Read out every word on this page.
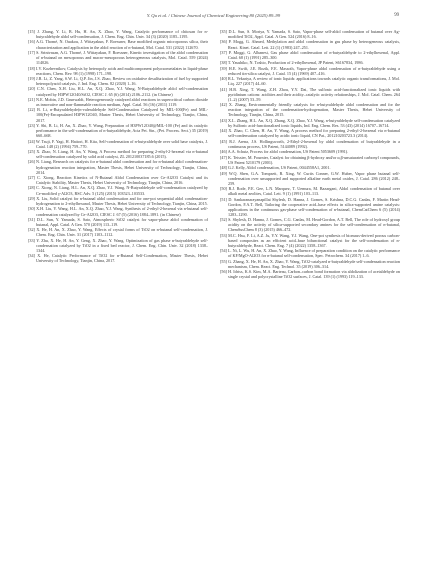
Y. Qu et al. / Chinese Journal of Chemical Engineering 80 (2025) 89–99	99

[15] J. Zhang, Y. Li, B. Hu, H. An, X. Zhao, Y. Wang, Catalytic performance of chitosan for n-butyraldehyde aldol self-condensation, J. Chem. Eng. Chin. Univ. 34 (3) (2020) 1185–1195.

[16] A.G. Thomé, N. Ouakou, J. Wittayakun, F. Roessner, Base modified organic microporous silica, their characterization and application in the aldol reaction of n-butanal, Mol. Catal. 531 (2022) 112670.

[17] S. Srinivasan, A.G. Thomé, J. Wittayakun, F. Roessner, Kinetic investigation of the aldol condensation of n-butanal on mesoporous and macro-mesoporous heterogeneous catalysts, Mol. Catal. 559 (2024) 114026.

[18] I.V. Kozhevnikov, Catalysis by heteropoly acids and multicomponent polyoxometalates in liquid-phase reactions, Chem. Rev. 98 (1) (1998) 171–198.

[19] J.R. Li, Z. Yang, S.W. Li, Q.P. Jin, J.S. Zhao, Review on oxidative desulfurization of fuel by supported heteropolyacid catalysts, J. Ind. Eng. Chem. 82 (2020) 1–16.

[20] C.N. Chen, X.H. Liu, H.L. An, X.Q. Zhao, Y.J. Wang, N-Butyraldehyde aldol self-condensation catalyzed by H3PW12O40/SiO2, CIESC J. 65 (6) (2014) 2106–2112. (in Chinese)

[21] N.E. Mobin, J.D. Grunwaldt, Heterogeneously catalyzed aldol reactions in supercritical carbon dioxide as innovative and non-flammable reaction medium, Appl. Catal. 56 (16) (2011) 1119.

[22] B. Li, n-Butyraldehyde(n-valeraldehyde Self-Condensation Catalyzed by MIL-100(Fe) and MIL-100(Fe)-Encapsulated H3PW12O40, Master Thesis, Hebei University of Technology, Tianjin, China, 2017.

[23] Y. Shi, B. Li, H. An, X. Zhao, Y. Wang, Preparation of H3PW12O40@MIL-100 (Fe) and its catalytic performance in the self-condensation of n-butyraldehyde, Acta Pet. Sin., (Pet. Process. Sect.) 35 (2019) 660–668.

[24] W. Tsuji, F. Yagi, H. Hattori, H. Kita, Self-condensation of n-butyraldehyde over solid base catalysts, J. Catal. 148 (2) (1994) 759–770.

[25] X. Zhao, N. Liang, H. An, Y. Wang, A Process method for preparing 2-ethyl-2-hexenal via n-butanal self-condensation catalyzed by solid acid catalyst, ZL 201210037185.6 (2015).

[26] N. Liang, Research on catalysts for n-butanal aldol condensation and for n-butanal aldol condensation-hydrogenation reaction integration, Master Thesis, Hebei University of Technology, Tianjin, China, 2014.

[27] C. Xiong, Reaction Kinetics of N-Butanal Aldol Condensation over Ce-Al2O3 Catalyst and its Catalytic Stability, Master Thesis, Hebei University of Technology, Tianjin, China, 2016.

[28] C. Xiong, N. Liang, H.L. An, X.Q. Zhao, Y.J. Wang, N-Butyraldehyde self-condensation catalyzed by Ce-modified γ-Al2O3, RSC Adv. 5 (125) (2015) 103523–103533.

[29] X. Liu, Solid catalyst for n-butanal aldol condensation and for one-pot sequential aldol condensation-hydrogenation to 2-ethylhexanol, Master Thesis, Hebei University of Technology, Tianjin, China, 2015.

[30] X.H. Liu, Y. Wang, H.L. An, X.Q. Zhao, Y.J. Wang, Synthesis of 2-ethyl-2-hexenal via n-butanal self-condensation catalyzed by Ce-Al2O3, CIESC J. 67 (5) (2016) 1884–1891. (in Chinese)

[31] D.L. Sun, Y. Yamada, S. Sato, Atmospheric SiO2 catalyst for vapor-phase aldol condensation of butanal, Appl. Catal. A Gen. 570 (2019) 113–119.

[32] X. He, H. An, X. Zhao, Y. Wang, Effects of crystal forms of TiO2 on n-butanal self-condensation, J. Chem. Eng. Chin. Univ. 31 (2017) 1103–1112.

[33] Y. Zhu, X. He, H. An, Y. Geng, X. Zhao, Y. Wang, Optimization of gas phase n-butyraldehyde self-condensation catalyzed by TiO2 in a fixed bed reactor, J. Chem. Eng. Chin. Univ. 32 (2018) 1338–1344.

[34] X. He, Catalytic Performance of TiO2 for n-Butanal Self-Condensation, Master Thesis, Hebei University of Technology, Tianjin, China, 2017.

[35] D.L. Sun, S. Moriya, Y. Yamada, S. Sato, Vapor-phase self-aldol condensation of butanal over Ag-modified TiO2, Appl. Catal. A Gen. 524 (2016) 8–16.

[36] P. Mogg, G. Ahmed, Methylation and aldol condensation in gas phase by heterogeneous catalysis, React. Kinet. Catal. Lett. 22 (1) (1983) 247–251.

[37] P. Moggi, G. Albanesi, Gas phase aldol condensation of n-butyraldehyde to 2-ethylhexenal, Appl. Catal. 68 (1) (1991) 285–300.

[38] T. Yasuhiko, N. Toshio, Production of 2-ethylhexenal, JP Patent, S6167834, 1986.

[39] H.E. Swift, J.E. Bozik, F.E. Massoth, Vapor-phase aldol condensation of n-butyraldehyde using a reduced tin-silica catalyst, J. Catal. 15 (4) (1969) 407–416.

[40] R.L. Vekariya, A review of ionic liquids: applications towards catalytic organic transformations, J. Mol. Liq. 227 (2017) 44–60.

[41] H.B. Xing, T. Wang, Z.H. Zhou, Y.Y. Dai, The sulfonic acid-functionalized ionic liquids with pyridinium cations: acidities and their acidity–catalytic activity relationships, J. Mol. Catal. Chem. 264 (1–2) (2007) 53–59.

[42] X. Zhang, Environmentally friendly catalysts for n-butyraldehyde aldol condensation and for the reaction integration of the condensation-hydrogenation, Master Thesis, Hebei University of Technology, Tianjin, China, 2015.

[43] X.L. Zhang, H.L. An, X.Q. Zhang, X.Q. Zhao, Y.J. Wang, n-butyraldehyde self-condensation catalyzed by Sulfonic acid-functionalized ionic liquids, Ind. Eng. Chem. Res. 53 (43) (2014) 16707–16714.

[44] X. Zhao, C. Chen, H. An, Y. Wang, A process method for preparing 2-ethyl-2-hexenal via n-butanal self-condensation catalyzed by acidic ionic liquid, CN Pat., 201210203723.3 (2014).

[45] R.J. Arena, J.S. Hollingsworth, 2-Ethyl-2-hexenal by aldol condensation of butyraldehyde in a continuous process, US Patent, 5144089 (1992).

[46] A.A. Schutz, Process for aldol condensation, US Patent 5053609 (1991).

[47] K. Teissier, M. Fournier, Catalyst for obtaining β-hydroxy and/or α,β-unsaturated carbonyl compounds, US Patent 5210179 (2001).

[48] G.J. Kelly, Aldol condensation, US Patent, 0044558A1, 2001.

[49] W.Q. Shen, G.A. Tompsett, R. Xing, W. Curtis Conner, G.W. Huber, Vapor phase butanal self-condensation over unsupported and supported alkaline earth metal oxides, J. Catal. 286 (2012) 248–259.

[50] R.J. Rode, P.E. Gee, L.N. Marquez, T. Uemura, M. Bazargani, Aldol condensation of butanal over alkali metal zeolites, Catal. Lett. 9 (1) (1991) 103–113.

[51] D. Sankaranarayanapillai Shylesh, D. Hanna, J. Gomes, S. Krishna, D.C.G. Canlas, F. Martin Head-Gordon, F.A.T. Bell, Tailoring the cooperative acid–base effects in silica-supported amine catalysts: applications in the continuous gas-phase self-condensation of n-butanal, ChemCatChem 6 (5) (2014) 1283–1290.

[52] S. Shylesh, D. Hanna, J. Gomes, C.G. Canlas, M. Head-Gordon, A.T. Bell, The role of hydroxyl group acidity on the activity of silica-supported secondary amines for the self-condensation of n-butanal, ChemSusChem 8 (3) (2015) 466–472.

[53] M.C. Hsu, F. Li, A.Z. Ju, Y.Y. Wang, Y.J. Wang, One-pot synthesis of biomass-derived porous carbon-based composites as an efficient acid–base bifunctional catalyst for the self-condensation of n-butyraldehyde, React. Chem. Eng. 7 (4) (2022) 1358–1367.

[54] L. Ni, L. Wu, H. An, X. Zhao, Y. Wang, Influence of preparation condition on the catalytic performance of KF/MgO-Al2O3 for n-butanal self-condensation, Spec. Petrochem. 34 (2017) 1–6.

[55] G. Zhang, X. He, H. An, X. Zhao, Y. Wang, TiO2-catalyzed n-butyraldehyde self-condensation reaction mechanism, Chem. React. Eng. Technol. 35 (2019) 306–314.

[56] H. Idriss, K.S. Kim, M.A. Barteau, Carbon–carbon bond formation via aldolization of acetaldehyde on single crystal and polycrystalline TiO2 surfaces, J. Catal. 139 (1) (1993) 119–133.
